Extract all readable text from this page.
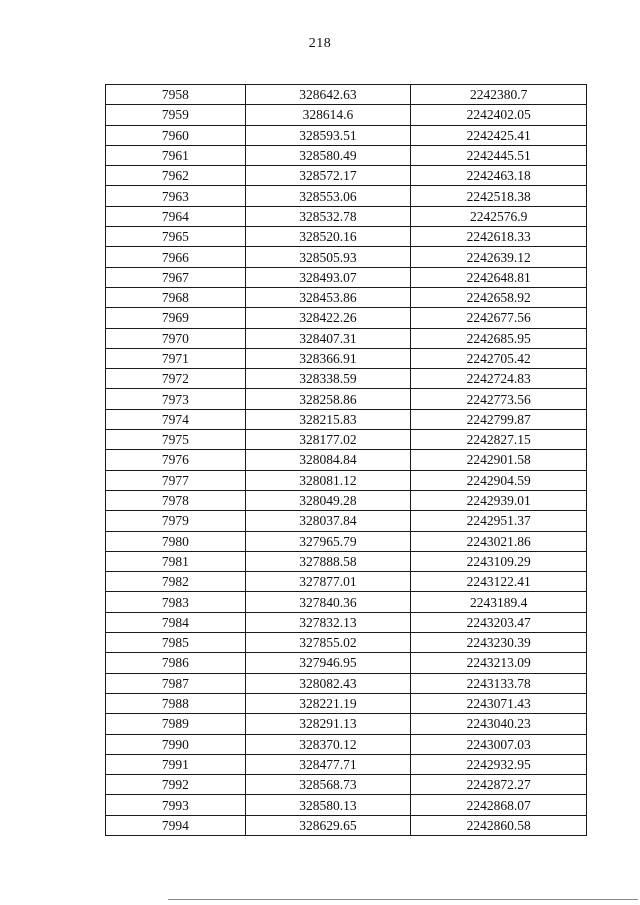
218
7958	328642.63	2242380.7
7959	328614.6	2242402.05
7960	328593.51	2242425.41
7961	328580.49	2242445.51
7962	328572.17	2242463.18
7963	328553.06	2242518.38
7964	328532.78	2242576.9
7965	328520.16	2242618.33
7966	328505.93	2242639.12
7967	328493.07	2242648.81
7968	328453.86	2242658.92
7969	328422.26	2242677.56
7970	328407.31	2242685.95
7971	328366.91	2242705.42
7972	328338.59	2242724.83
7973	328258.86	2242773.56
7974	328215.83	2242799.87
7975	328177.02	2242827.15
7976	328084.84	2242901.58
7977	328081.12	2242904.59
7978	328049.28	2242939.01
7979	328037.84	2242951.37
7980	327965.79	2243021.86
7981	327888.58	2243109.29
7982	327877.01	2243122.41
7983	327840.36	2243189.4
7984	327832.13	2243203.47
7985	327855.02	2243230.39
7986	327946.95	2243213.09
7987	328082.43	2243133.78
7988	328221.19	2243071.43
7989	328291.13	2243040.23
7990	328370.12	2243007.03
7991	328477.71	2242932.95
7992	328568.73	2242872.27
7993	328580.13	2242868.07
7994	328629.65	2242860.58
